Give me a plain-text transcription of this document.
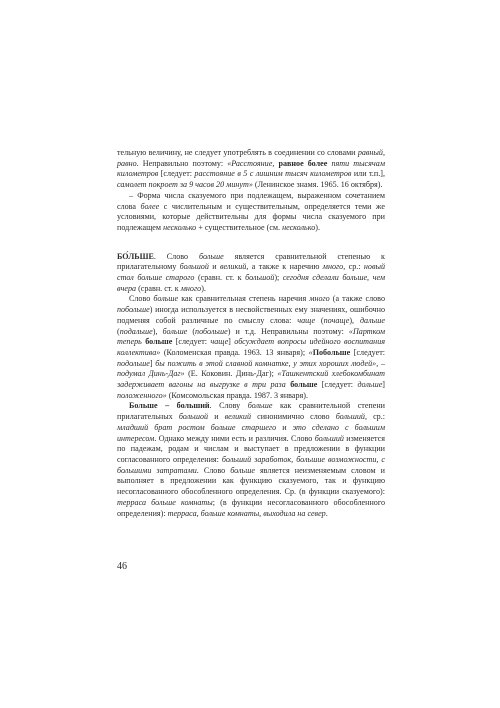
тельную величину, не следует употреблять в соединении со словами равный, равно. Неправильно поэтому: «Расстояние, равное более пяти тысячам километров [следует: расстояние в 5 с лишним тысяч километров или т.п.], самолет покроет за 9 часов 20 минут» (Ленинское знамя. 1965. 16 октября).

– Форма числа сказуемого при подлежащем, выраженном сочетанием слова более с числительным и существительным, определяется теми же условиями, которые действительны для формы числа сказуемого при подлежащем несколько + существительное (см. несколько).

БО́ЛЬШЕ. Слово больше является сравнительной степенью к прилагательному большой и великий, а также к наречию много, ср.: новый стол больше старого (сравн. ст. к большой); сегодня сделали больше, чем вчера (сравн. ст. к много).

Слово больше как сравнительная степень наречия много (а также слово побольше) иногда используется в несвойственных ему значениях, ошибочно подменяя собой различные по смыслу слова: чаще (почаще), дальше (подальше), больше (побольше) и т.д. Неправильны поэтому: «Партком теперь больше [следует: чаще] обсуждает вопросы идейного воспитания коллектива» (Коломенская правда. 1963. 13 января); «Побольше [следует: подольше] бы пожить в этой славной комнатке, у этих хороших людей», – подумал Динь-Даг» (Е. Коковин. Динь-Даг); «Ташкентский хлебокомбинат задерживает вагоны на выгрузке в три раза больше [следует: дольше] положенного» (Комсомольская правда. 1987. 3 января).

Больше – больший. Слову больше как сравнительной степени прилагательных большой и великий синонимично слово больший, ср.: младший брат ростом больше старшего и это сделано с большим интересом. Однако между ними есть и различия. Слово больший изменяется по падежам, родам и числам и выступает в предложении в функции согласованного определения: больший заработок, большие возможности, с большими затратами. Слово больше является неизменяемым словом и выполняет в предложении как функцию сказуемого, так и функцию несогласованного обособленного определения. Ср. (в функции сказуемого): терраса больше комнаты; (в функции несогласованного обособленного определения): терраса, больше комнаты, выходила на север.

46
